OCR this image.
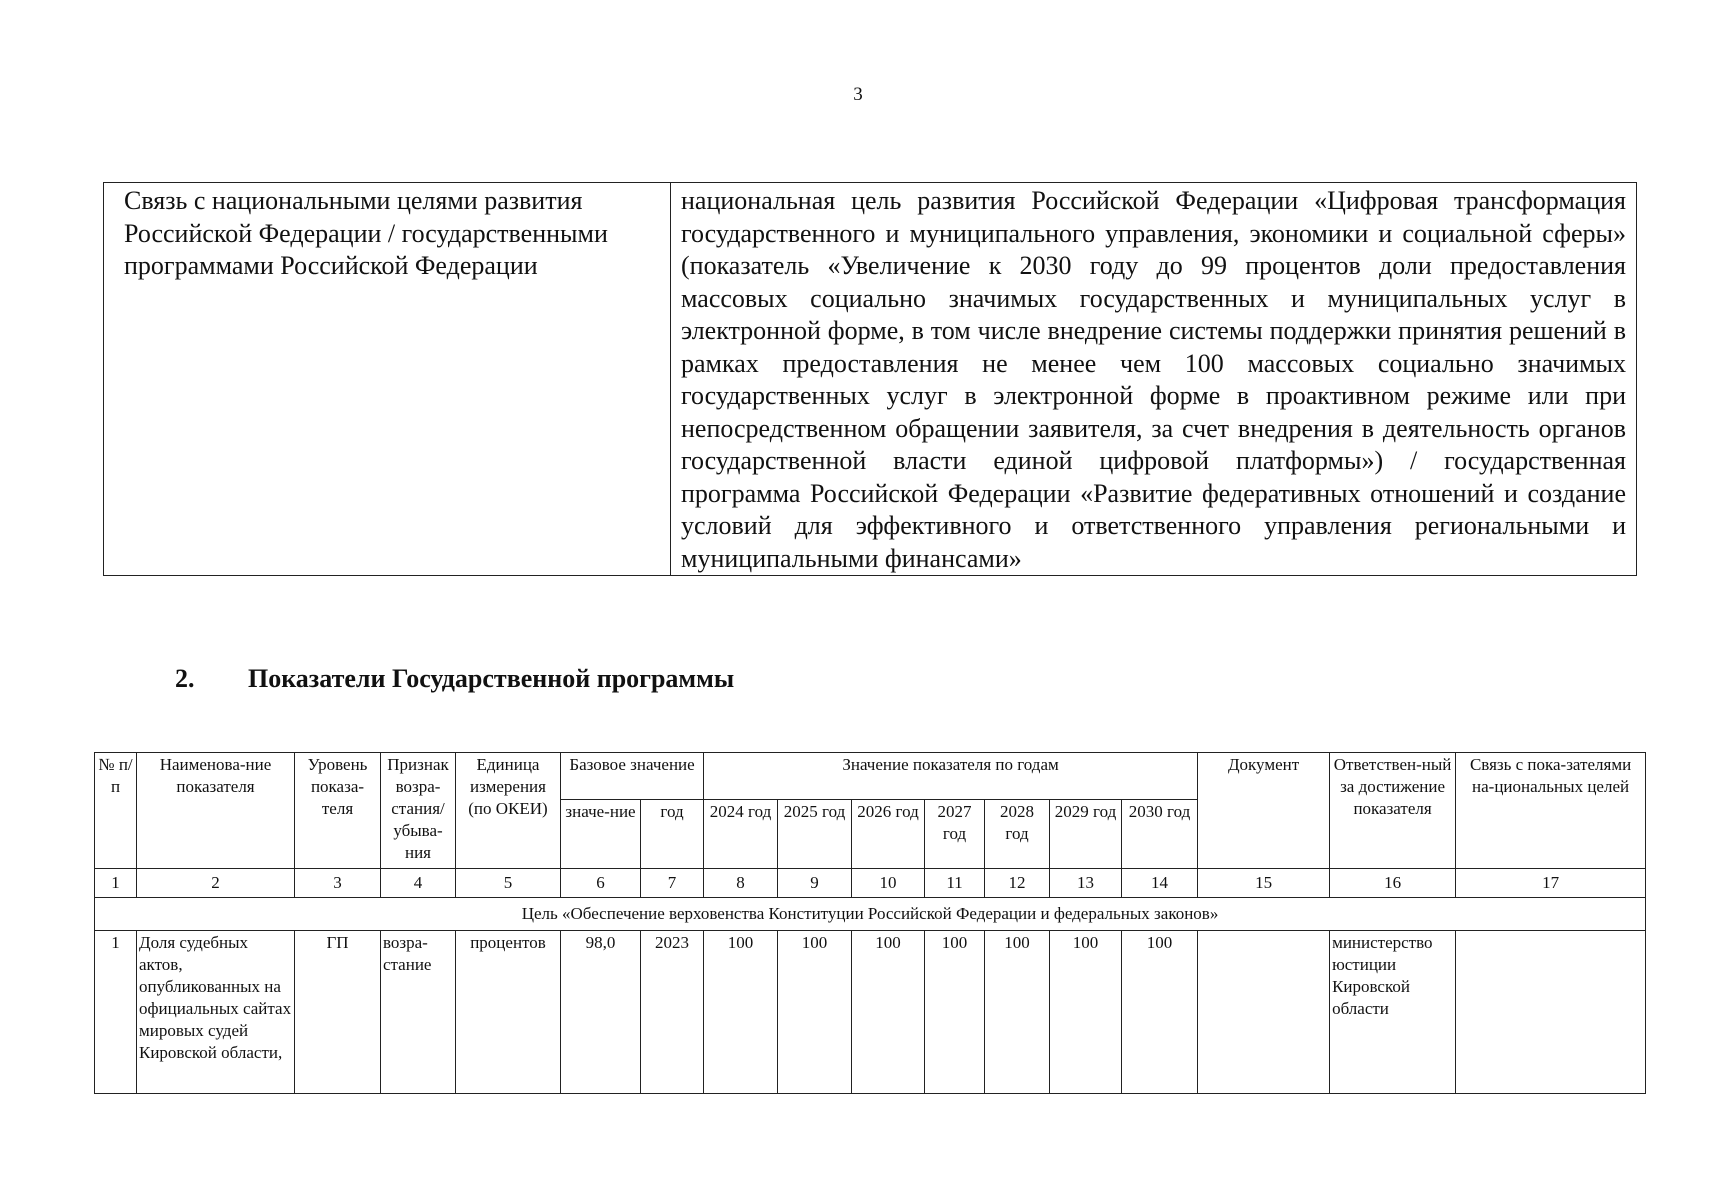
3
Связь с национальными целями развития Российской Федерации / государственными программами Российской Федерации	национальная цель развития Российской Федерации «Цифровая трансформация государственного и муниципального управления, экономики и социальной сферы» (показатель «Увеличение к 2030 году до 99 процентов доли предоставления массовых социально значимых государственных и муниципальных услуг в электронной форме, в том числе внедрение системы поддержки принятия решений в рамках предоставления не менее чем 100 массовых социально значимых государственных услуг в электронной форме в проактивном режиме или при непосредственном обращении заявителя, за счет внедрения в деятельность органов государственной власти единой цифровой платформы») / государственная программа Российской Федерации «Развитие федеративных отношений и создание условий для эффективного и ответственного управления региональными и муниципальными финансами»
2. Показатели Государственной программы
№ п/п	Наименова-ние показателя	Уровень показа-теля	Признак возра-стания/ убыва-ния	Единица измерения (по ОКЕИ)	Базовое значение		Значение показателя по годам							Документ	Ответствен-ный за достижение показателя	Связь с пока-зателями на-циональных целей
					значе-ние	год	2024 год	2025 год	2026 год	2027 год	2028 год	2029 год	2030 год			
1	2	3	4	5	6	7	8	9	10	11	12	13	14	15	16	17
Цель «Обеспечение верховенства Конституции Российской Федерации и федеральных законов»																
1	Доля судебных актов, опубликованных на официальных сайтах мировых судей Кировской области,	ГП	возра-стание	процентов	98,0	2023	100	100	100	100	100	100	100		министерство юстиции Кировской области	
